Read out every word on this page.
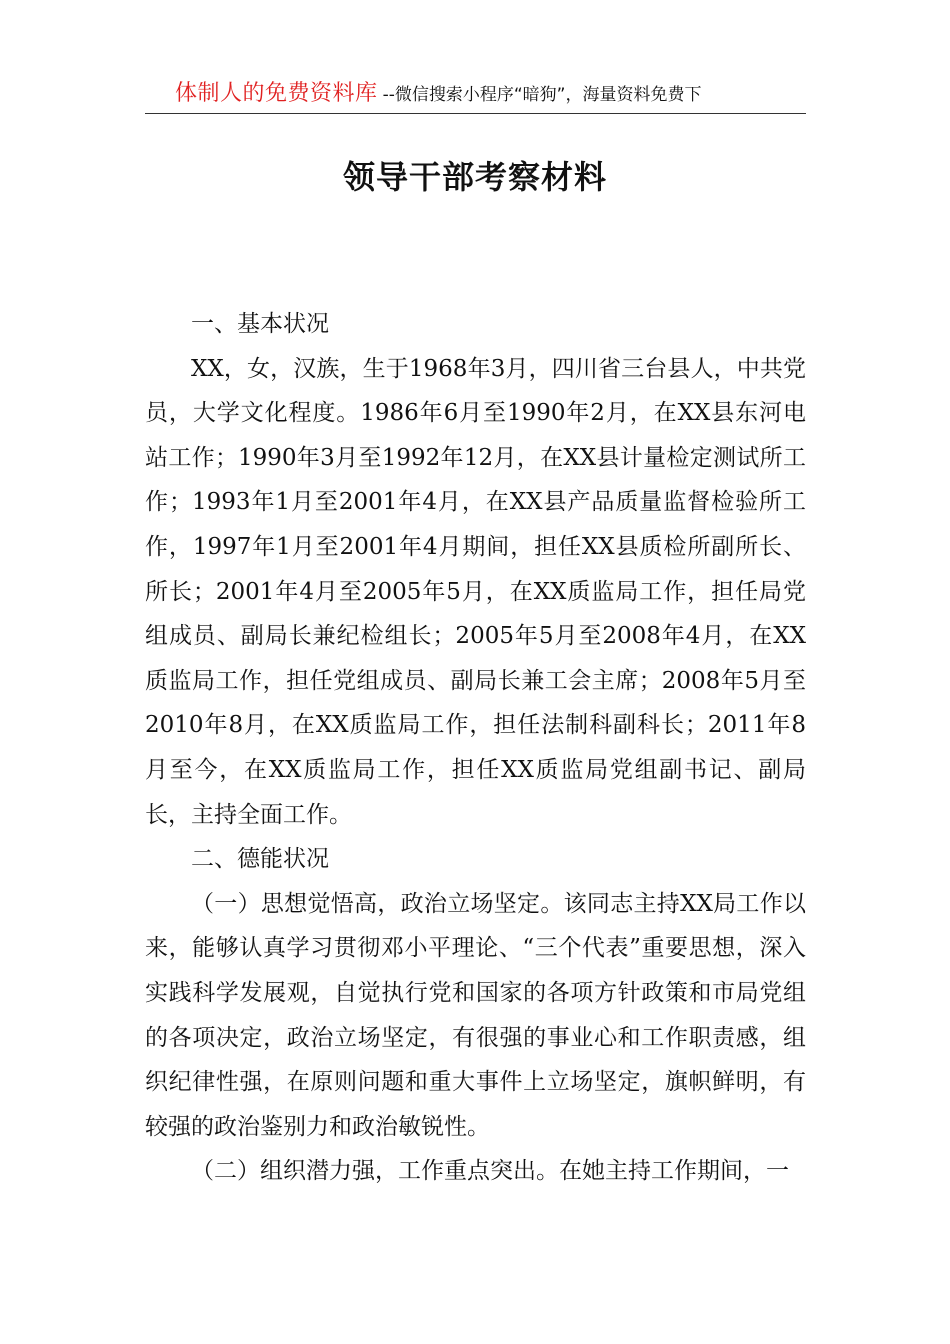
体制人的免费资料库 --微信搜索小程序“暗狗”，海量资料免费下
领导干部考察材料

一、基本状况

XX，女，汉族，生于1968年3月，四川省三台县人，中共党员，大学文化程度。1986年6月至1990年2月，在XX县东河电站工作；1990年3月至1992年12月，在XX县计量检定测试所工作；1993年1月至2001年4月，在XX县产品质量监督检验所工作，1997年1月至2001年4月期间，担任XX县质检所副所长、所长；2001年4月至2005年5月，在XX质监局工作，担任局党组成员、副局长兼纪检组长；2005年5月至2008年4月，在XX质监局工作，担任党组成员、副局长兼工会主席；2008年5月至2010年8月，在XX质监局工作，担任法制科副科长；2011年8月至今，在XX质监局工作，担任XX质监局党组副书记、副局长，主持全面工作。

二、德能状况

（一）思想觉悟高，政治立场坚定。该同志主持XX局工作以来，能够认真学习贯彻邓小平理论、“三个代表”重要思想，深入实践科学发展观，自觉执行党和国家的各项方针政策和市局党组的各项决定，政治立场坚定，有很强的事业心和工作职责感，组织纪律性强，在原则问题和重大事件上立场坚定，旗帜鲜明，有较强的政治鉴别力和政治敏锐性。

（二）组织潜力强，工作重点突出。在她主持工作期间，一
